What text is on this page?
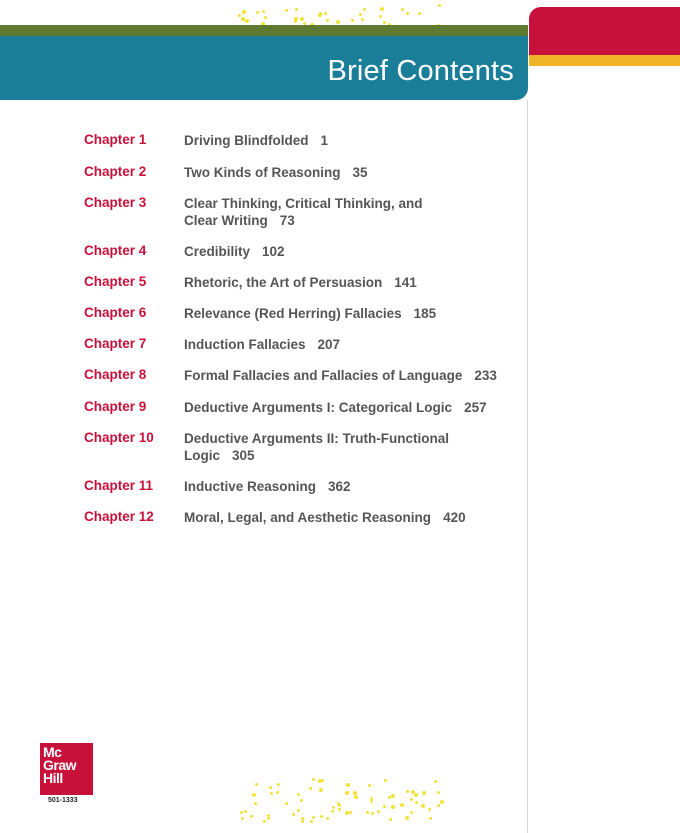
Brief Contents
Chapter 1	Driving Blindfolded 1
Chapter 2	Two Kinds of Reasoning 35
Chapter 3	Clear Thinking, Critical Thinking, and
Clear Writing 73
Chapter 4	Credibility 102
Chapter 5	Rhetoric, the Art of Persuasion 141
Chapter 6	Relevance (Red Herring) Fallacies 185
Chapter 7	Induction Fallacies 207
Chapter 8	Formal Fallacies and Fallacies of Language 233
Chapter 9	Deductive Arguments I: Categorical Logic 257
Chapter 10	Deductive Arguments II: Truth-Functional
Logic 305
Chapter 11	Inductive Reasoning 362
Chapter 12	Moral, Legal, and Aesthetic Reasoning 420
Mc
Graw
Hill
501-1333
